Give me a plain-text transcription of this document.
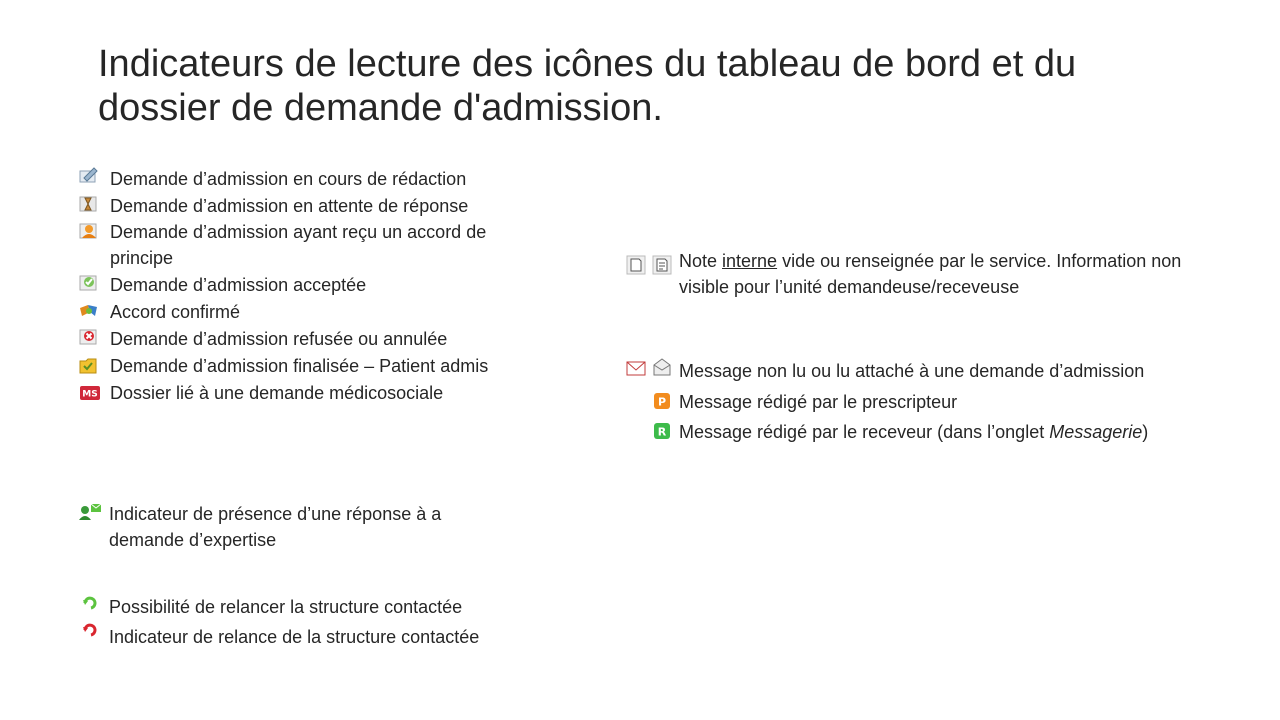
Indicateurs de lecture des icônes du tableau de bord et du dossier de demande d'admission.
Demande d’admission en cours de rédaction
Demande d’admission en attente de réponse
Demande d’admission ayant reçu un accord de principe
Demande d’admission acceptée
Accord confirmé
Demande d’admission refusée ou annulée
Demande d’admission finalisée – Patient admis
MS Dossier lié à une demande médicosociale
Indicateur de présence d’une réponse à a demande d’expertise
Possibilité de relancer la structure contactée
Indicateur de relance de la structure contactée
Note interne vide ou renseignée par le service. Information non visible pour l’unité demandeuse/receveuse
Message non lu ou lu attaché à une demande d’admission
P Message rédigé par le prescripteur
R Message rédigé par le receveur (dans l’onglet Messagerie)
